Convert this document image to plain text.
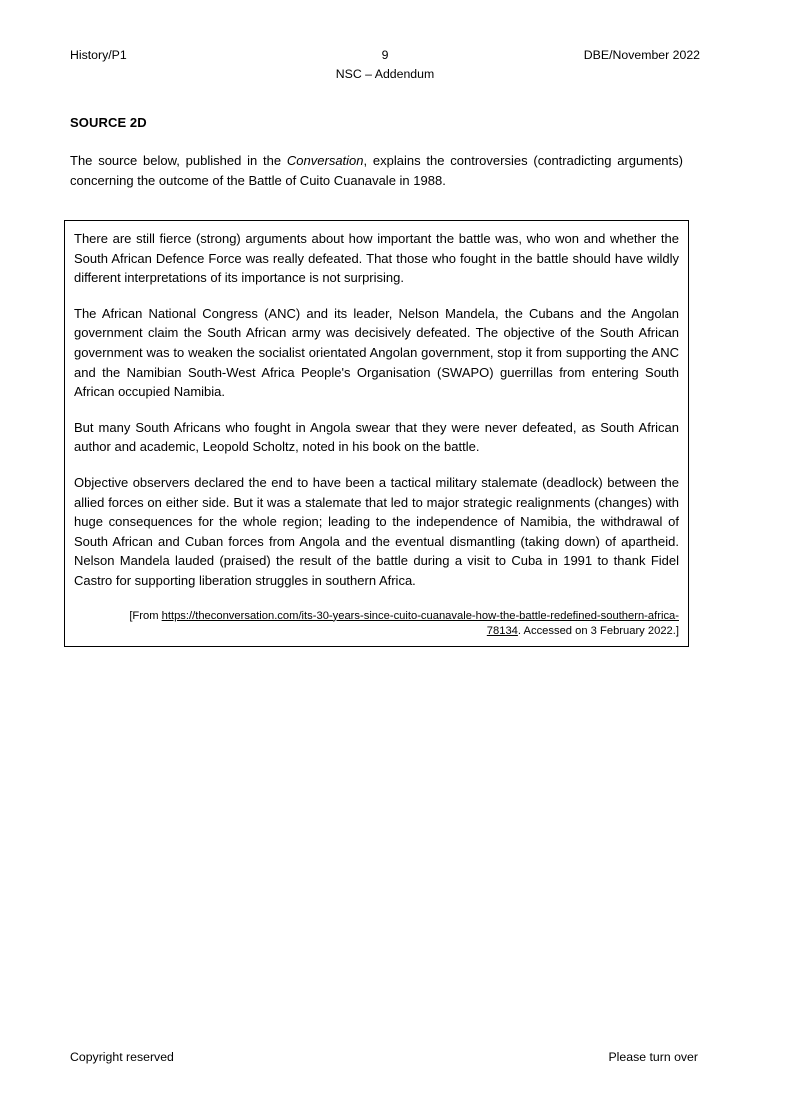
History/P1	9	DBE/November 2022
NSC – Addendum
SOURCE 2D
The source below, published in the Conversation, explains the controversies (contradicting arguments) concerning the outcome of the Battle of Cuito Cuanavale in 1988.

There are still fierce (strong) arguments about how important the battle was, who won and whether the South African Defence Force was really defeated. That those who fought in the battle should have wildly different interpretations of its importance is not surprising.

The African National Congress (ANC) and its leader, Nelson Mandela, the Cubans and the Angolan government claim the South African army was decisively defeated. The objective of the South African government was to weaken the socialist orientated Angolan government, stop it from supporting the ANC and the Namibian South-West Africa People's Organisation (SWAPO) guerrillas from entering South African occupied Namibia.

But many South Africans who fought in Angola swear that they were never defeated, as South African author and academic, Leopold Scholtz, noted in his book on the battle.

Objective observers declared the end to have been a tactical military stalemate (deadlock) between the allied forces on either side. But it was a stalemate that led to major strategic realignments (changes) with huge consequences for the whole region; leading to the independence of Namibia, the withdrawal of South African and Cuban forces from Angola and the eventual dismantling (taking down) of apartheid. Nelson Mandela lauded (praised) the result of the battle during a visit to Cuba in 1991 to thank Fidel Castro for supporting liberation struggles in southern Africa.

[From https://theconversation.com/its-30-years-since-cuito-cuanavale-how-the-battle-redefined-southern-africa-78134. Accessed on 3 February 2022.]

Copyright reserved	Please turn over
